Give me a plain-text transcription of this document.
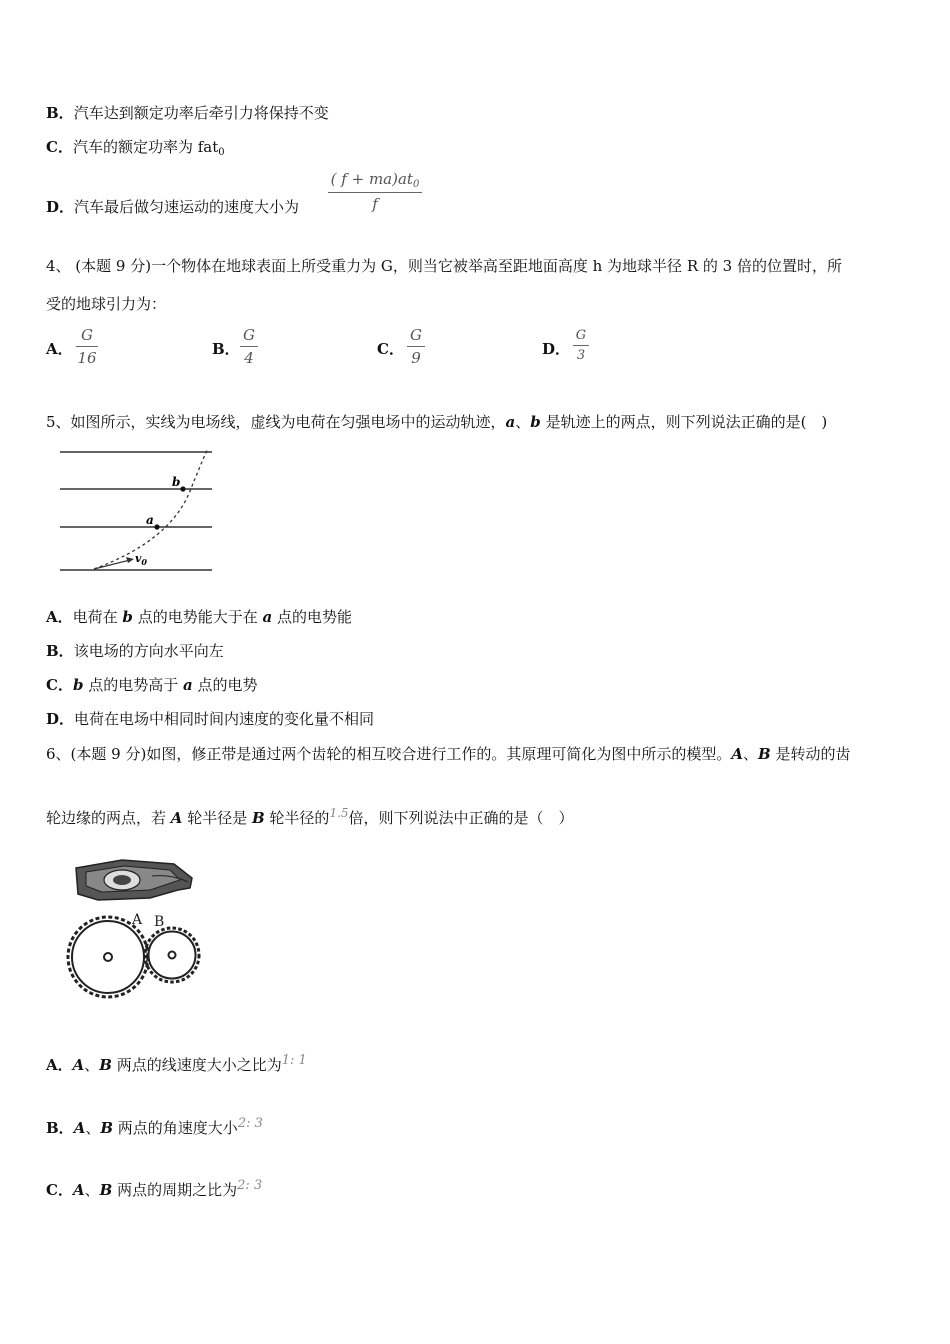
B．汽车达到额定功率后牵引力将保持不变
C．汽车的额定功率为 fat$_0$
D．汽车最后做匀速运动的速度大小为
( $f + ma)at_0$
f
4、 (本题 9 分)一个物体在地球表面上所受重力为 G，则当它被举高至距地面高度 h 为地球半径 R 的 3 倍的位置时，所
受的地球引力为：
A．
G
16	B．
G
4	C．
G
9	D．
G
3
5、如图所示，实线为电场线，虚线为电荷在匀强电场中的运动轨迹，a、b 是轨迹上的两点，则下列说法正确的是(　)
b
a
$v_0$
A．电荷在 b 点的电势能大于在 a 点的电势能
B．该电场的方向水平向左
C．b 点的电势高于 a 点的电势
D．电荷在电场中相同时间内速度的变化量不相同
6、(本题 9 分)如图，修正带是通过两个齿轮的相互咬合进行工作的。其原理可简化为图中所示的模型。A、B 是转动的齿
轮边缘的两点，若 A 轮半径是 B 轮半径的$^{1.5}$倍，则下列说法中正确的是（　）
A B
A．A、B 两点的线速度大小之比为1: 1
B．A、B 两点的角速度大小2: 3
C．A、B 两点的周期之比为2: 3
